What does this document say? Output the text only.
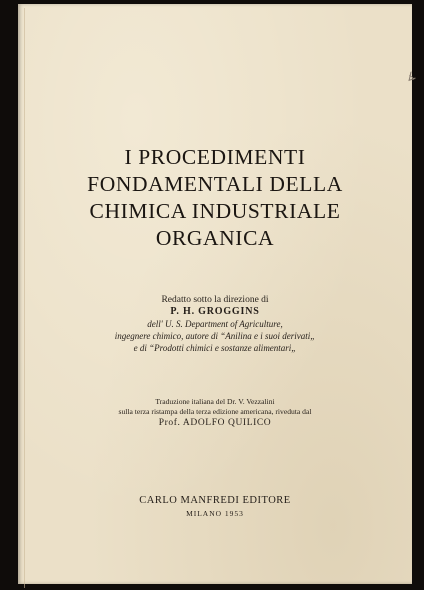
∡
I PROCEDIMENTI
FONDAMENTALI DELLA
CHIMICA INDUSTRIALE
ORGANICA
Redatto sotto la direzione di
P. H. GROGGINS
dell' U. S. Department of Agriculture,
ingegnere chimico, autore di “Anilina e i suoi derivati„
e di “Prodotti chimici e sostanze alimentari„
Traduzione italiana del Dr. V. Vezzalini
sulla terza ristampa della terza edizione americana, riveduta dal
Prof. ADOLFO QUILICO
CARLO MANFREDI EDITORE
MILANO 1953
